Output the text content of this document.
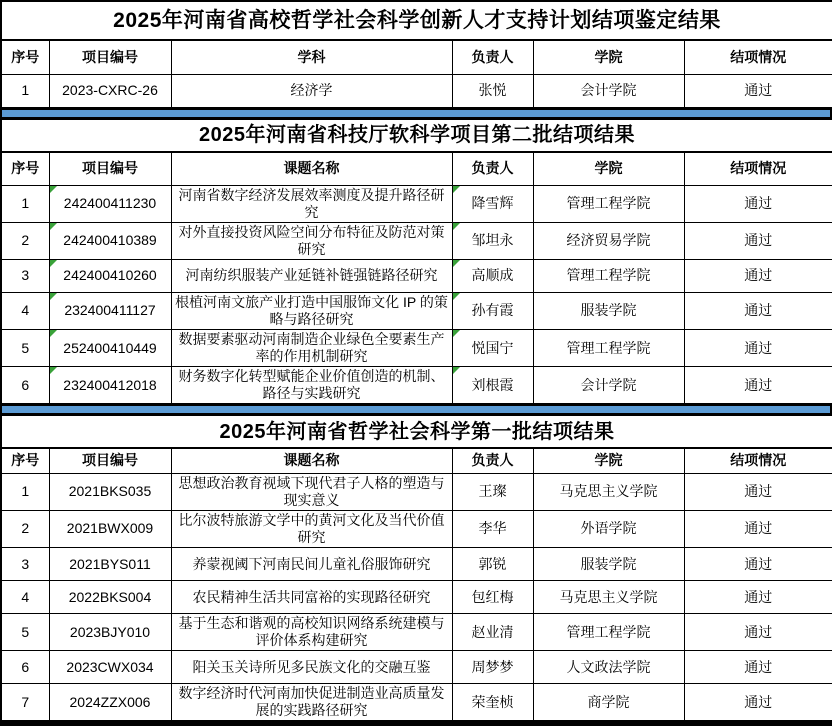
2025年河南省高校哲学社会科学创新人才支持计划结项鉴定结果					
序号	项目编号	学科	负责人	学院	结项情况
1	2023-CXRC-26	经济学	张悦	会计学院	通过
2025年河南省科技厅软科学项目第二批结项结果					
序号	项目编号	课题名称	负责人	学院	结项情况
1	242400411230	河南省数字经济发展效率测度及提升路径研究	降雪辉	管理工程学院	通过
2	242400410389	对外直接投资风险空间分布特征及防范对策研究	邹坦永	经济贸易学院	通过
3	242400410260	河南纺织服装产业延链补链强链路径研究	高顺成	管理工程学院	通过
4	232400411127	根植河南文旅产业打造中国服饰文化 IP 的策略与路径研究	孙有霞	服装学院	通过
5	252400410449	数据要素驱动河南制造企业绿色全要素生产率的作用机制研究	悦国宁	管理工程学院	通过
6	232400412018	财务数字化转型赋能企业价值创造的机制、路径与实践研究	刘根霞	会计学院	通过
2025年河南省哲学社会科学第一批结项结果					
序号	项目编号	课题名称	负责人	学院	结项情况
1	2021BKS035	思想政治教育视域下现代君子人格的塑造与现实意义	王璨	马克思主义学院	通过
2	2021BWX009	比尔波特旅游文学中的黄河文化及当代价值研究	李华	外语学院	通过
3	2021BYS011	养蒙视阈下河南民间儿童礼俗服饰研究	郭锐	服装学院	通过
4	2022BKS004	农民精神生活共同富裕的实现路径研究	包红梅	马克思主义学院	通过
5	2023BJY010	基于生态和谐观的高校知识网络系统建模与评价体系构建研究	赵业清	管理工程学院	通过
6	2023CWX034	阳关玉关诗所见多民族文化的交融互鉴	周梦梦	人文政法学院	通过
7	2024ZZX006	数字经济时代河南加快促进制造业高质量发展的实践路径研究	荣奎桢	商学院	通过
